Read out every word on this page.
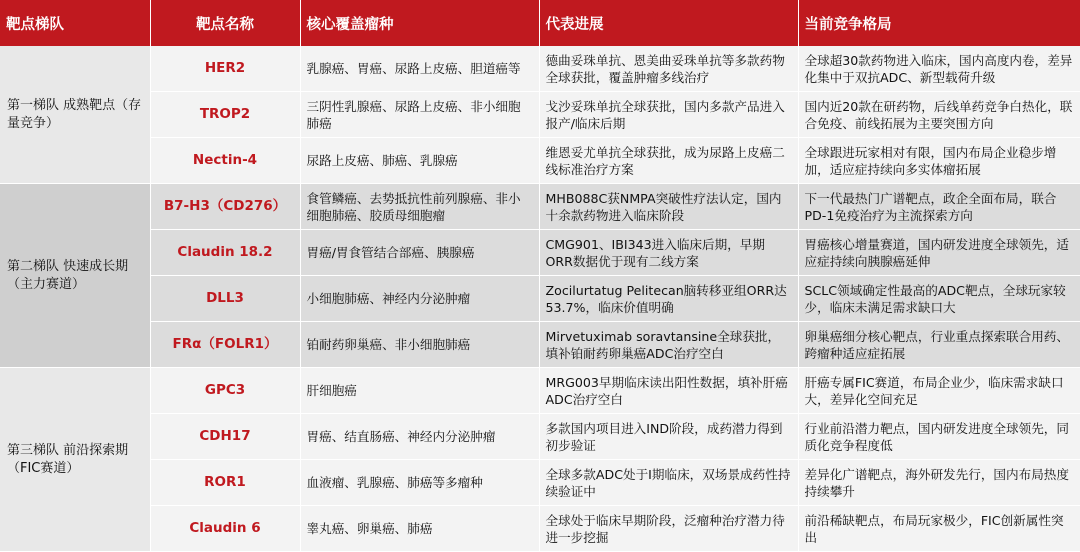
靶点梯队	靶点名称	核心覆盖瘤种	代表进展	当前竞争格局
第一梯队 成熟靶点（存量竞争）	HER2	乳腺癌、胃癌、尿路上皮癌、胆道癌等	德曲妥珠单抗、恩美曲妥珠单抗等多款药物全球获批，覆盖肿瘤多线治疗	全球超30款药物进入临床，国内高度内卷，差异化集中于双抗ADC、新型载荷升级
	TROP2	三阴性乳腺癌、尿路上皮癌、非小细胞肺癌	戈沙妥珠单抗全球获批，国内多款产品进入报产/临床后期	国内近20款在研药物，后线单药竞争白热化，联合免疫、前线拓展为主要突围方向
	Nectin-4	尿路上皮癌、肺癌、乳腺癌	维恩妥尤单抗全球获批，成为尿路上皮癌二线标准治疗方案	全球跟进玩家相对有限，国内布局企业稳步增加，适应症持续向多实体瘤拓展
第二梯队 快速成长期（主力赛道）	B7-H3（CD276）	食管鳞癌、去势抵抗性前列腺癌、非小细胞肺癌、胶质母细胞瘤	MHB088C获NMPA突破性疗法认定，国内十余款药物进入临床阶段	下一代最热门广谱靶点，政企全面布局，联合PD-1免疫治疗为主流探索方向
	Claudin 18.2	胃癌/胃食管结合部癌、胰腺癌	CMG901、IBI343进入临床后期，早期ORR数据优于现有二线方案	胃癌核心增量赛道，国内研发进度全球领先，适应症持续向胰腺癌延伸
	DLL3	小细胞肺癌、神经内分泌肿瘤	Zocilurtatug Pelitecan脑转移亚组ORR达53.7%，临床价值明确	SCLC领域确定性最高的ADC靶点，全球玩家较少，临床未满足需求缺口大
	FRα（FOLR1）	铂耐药卵巢癌、非小细胞肺癌	Mirvetuximab soravtansine全球获批，填补铂耐药卵巢癌ADC治疗空白	卵巢癌细分核心靶点，行业重点探索联合用药、跨瘤种适应症拓展
第三梯队 前沿探索期（FIC赛道）	GPC3	肝细胞癌	MRG003早期临床读出阳性数据，填补肝癌ADC治疗空白	肝癌专属FIC赛道，布局企业少，临床需求缺口大，差异化空间充足
	CDH17	胃癌、结直肠癌、神经内分泌肿瘤	多款国内项目进入IND阶段，成药潜力得到初步验证	行业前沿潜力靶点，国内研发进度全球领先，同质化竞争程度低
	ROR1	血液瘤、乳腺癌、肺癌等多瘤种	全球多款ADC处于Ⅰ期临床，双场景成药性持续验证中	差异化广谱靶点，海外研发先行，国内布局热度持续攀升
	Claudin 6	睾丸癌、卵巢癌、肺癌	全球处于临床早期阶段，泛瘤种治疗潜力待进一步挖掘	前沿稀缺靶点，布局玩家极少，FIC创新属性突出
